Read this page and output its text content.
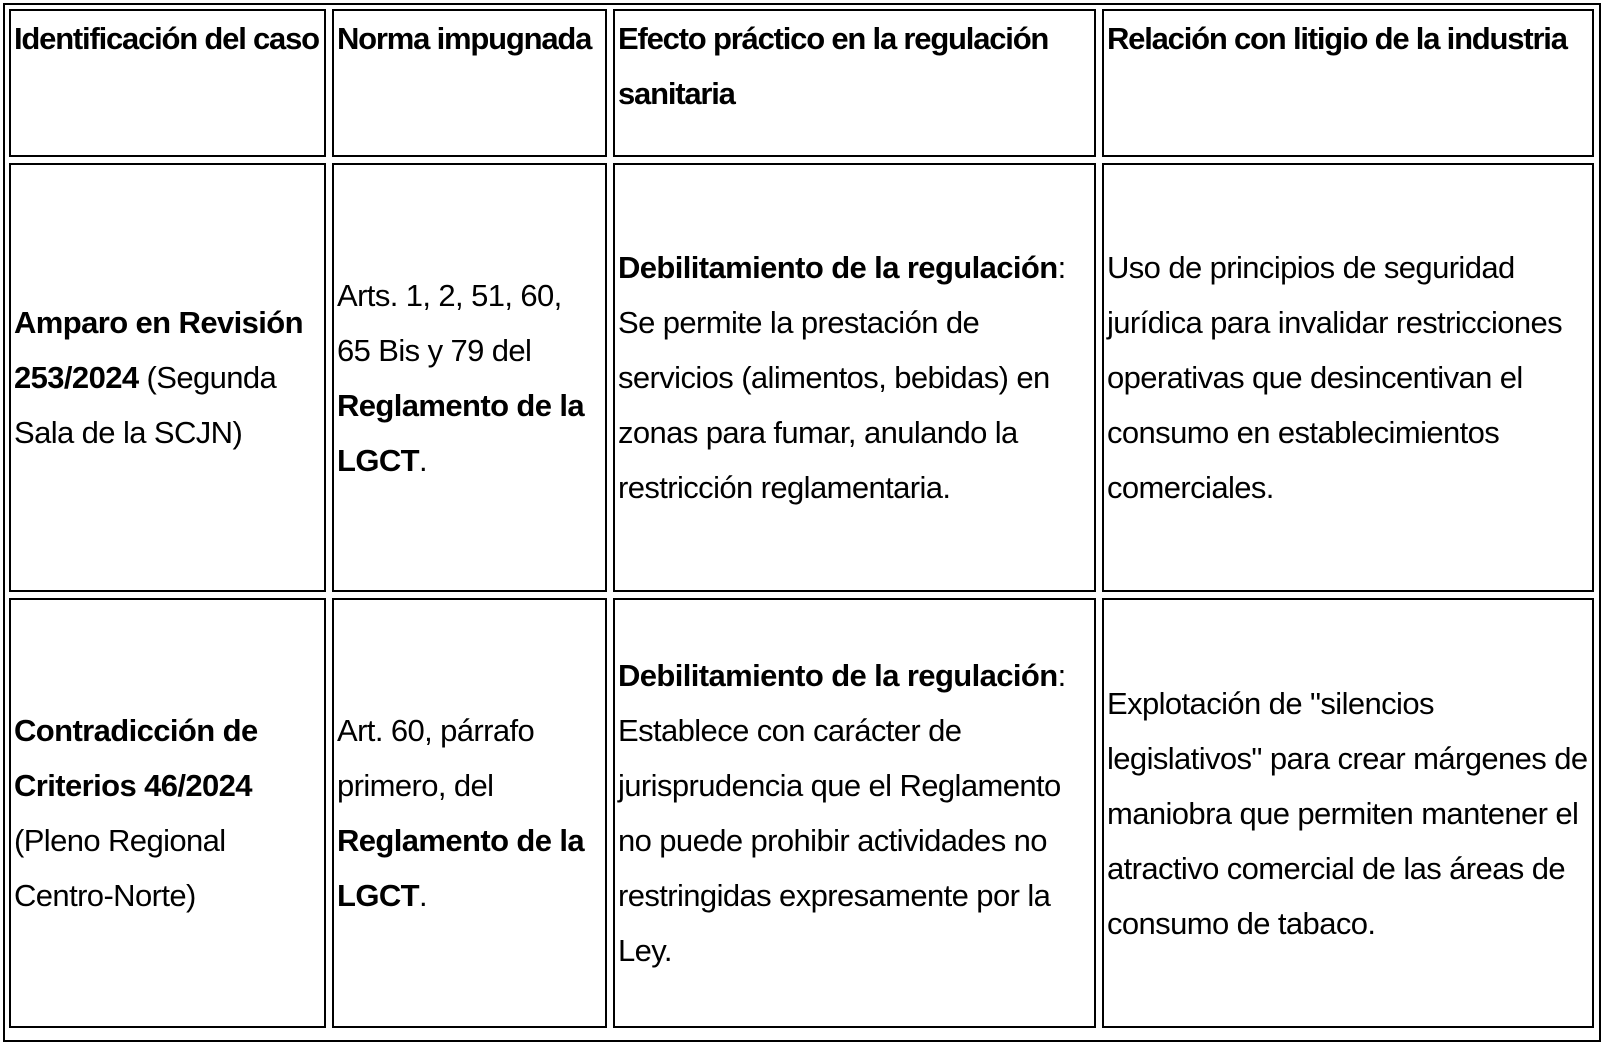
Identificación del caso	Norma impugnada	Efecto práctico en la regulación sanitaria	Relación con litigio de la industria
Amparo en Revisión 253/2024 (Segunda Sala de la SCJN)	Arts. 1, 2, 51, 60, 65 Bis y 79 del Reglamento de la LGCT.	Debilitamiento de la regulación: Se permite la prestación de servicios (alimentos, bebidas) en zonas para fumar, anulando la restricción reglamentaria.	Uso de principios de seguridad jurídica para invalidar restricciones operativas que desincentivan el consumo en establecimientos comerciales.
Contradicción de Criterios 46/2024 (Pleno Regional Centro-Norte)	Art. 60, párrafo primero, del Reglamento de la LGCT.	Debilitamiento de la regulación: Establece con carácter de jurisprudencia que el Reglamento no puede prohibir actividades no restringidas expresamente por la Ley.	Explotación de "silencios legislativos" para crear márgenes de maniobra que permiten mantener el atractivo comercial de las áreas de consumo de tabaco.
